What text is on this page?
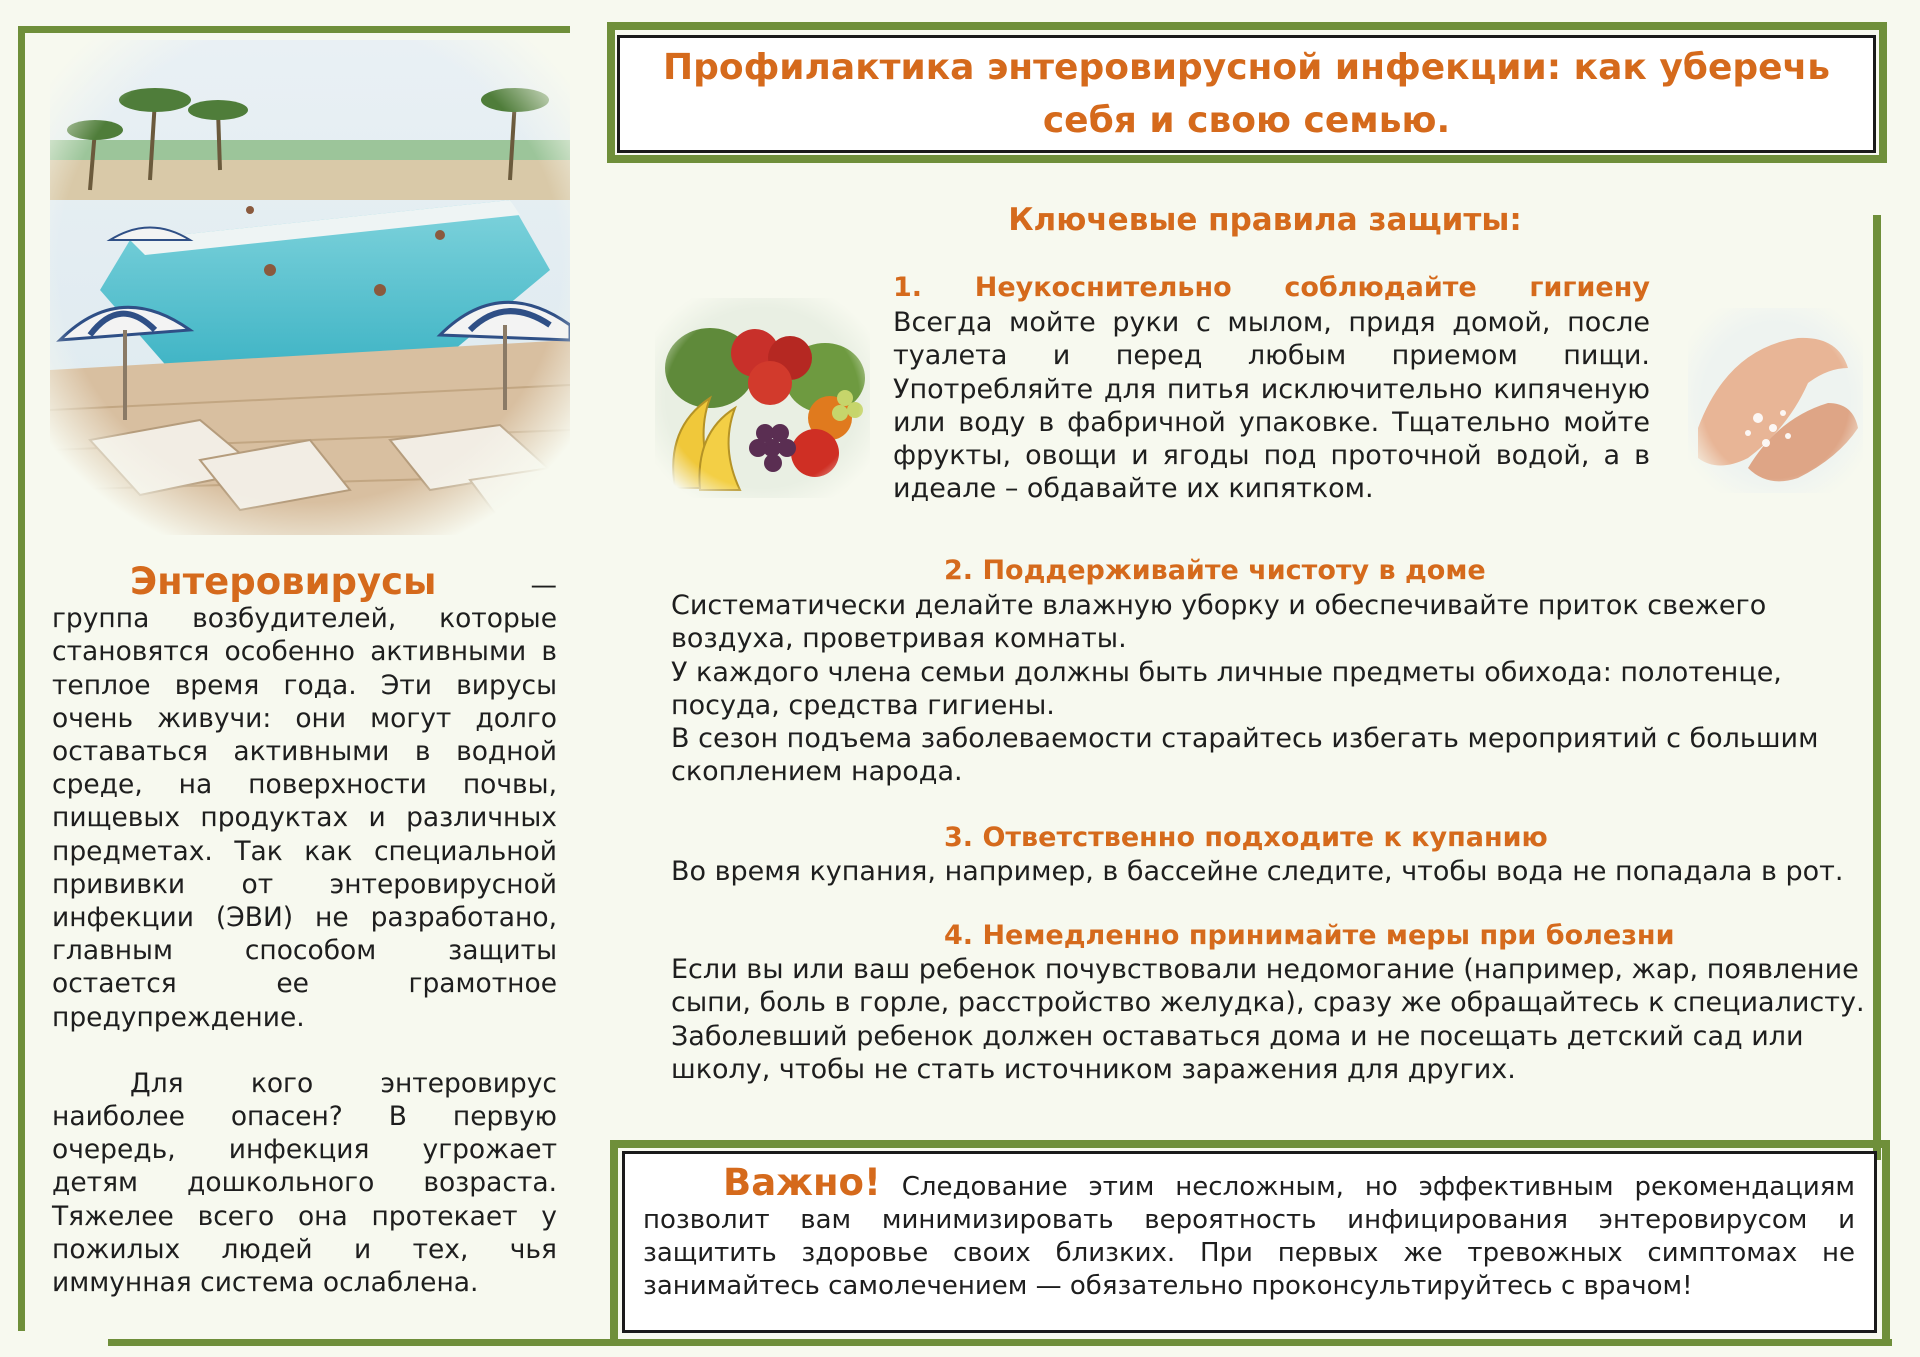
Энтеровирусы — группа возбудителей, которые становятся особенно активными в теплое время года. Эти вирусы очень живучи: они могут долго оставаться активными в водной среде, на поверхности почвы, пищевых продуктах и различных предметах. Так как специальной прививки от энтеровирусной инфекции (ЭВИ) не разработано, главным способом защиты остается ее грамотное предупреждение.

Для кого энтеровирус наиболее опасен? В первую очередь, инфекция угрожает детям дошкольного возраста. Тяжелее всего она протекает у пожилых людей и тех, чья иммунная система ослаблена.

Профилактика энтеровирусной инфекции: как уберечь себя и свою семью.

Ключевые правила защиты:

1. Неукоснительно соблюдайте гигиену

Всегда мойте руки с мылом, придя домой, после туалета и перед любым приемом пищи. Употребляйте для питья исключительно кипяченую или воду в фабричной упаковке. Тщательно мойте фрукты, овощи и ягоды под проточной водой, а в идеале – обдавайте их кипятком.

2. Поддерживайте чистоту в доме

Систематически делайте влажную уборку и обеспечивайте приток свежего воздуха, проветривая комнаты.
У каждого члена семьи должны быть личные предметы обихода: полотенце, посуда, средства гигиены.
В сезон подъема заболеваемости старайтесь избегать мероприятий с большим скоплением народа.

3. Ответственно подходите к купанию

Во время купания, например, в бассейне следите, чтобы вода не попадала в рот.

4. Немедленно принимайте меры при болезни

Если вы или ваш ребенок почувствовали недомогание (например, жар, появление сыпи, боль в горле, расстройство желудка), сразу же обращайтесь к специалисту.
Заболевший ребенок должен оставаться дома и не посещать детский сад или школу, чтобы не стать источником заражения для других.

Важно! Следование этим несложным, но эффективным рекомендациям позволит вам минимизировать вероятность инфицирования энтеровирусом и защитить здоровье своих близких. При первых же тревожных симптомах не занимайтесь самолечением — обязательно проконсультируйтесь с врачом!
